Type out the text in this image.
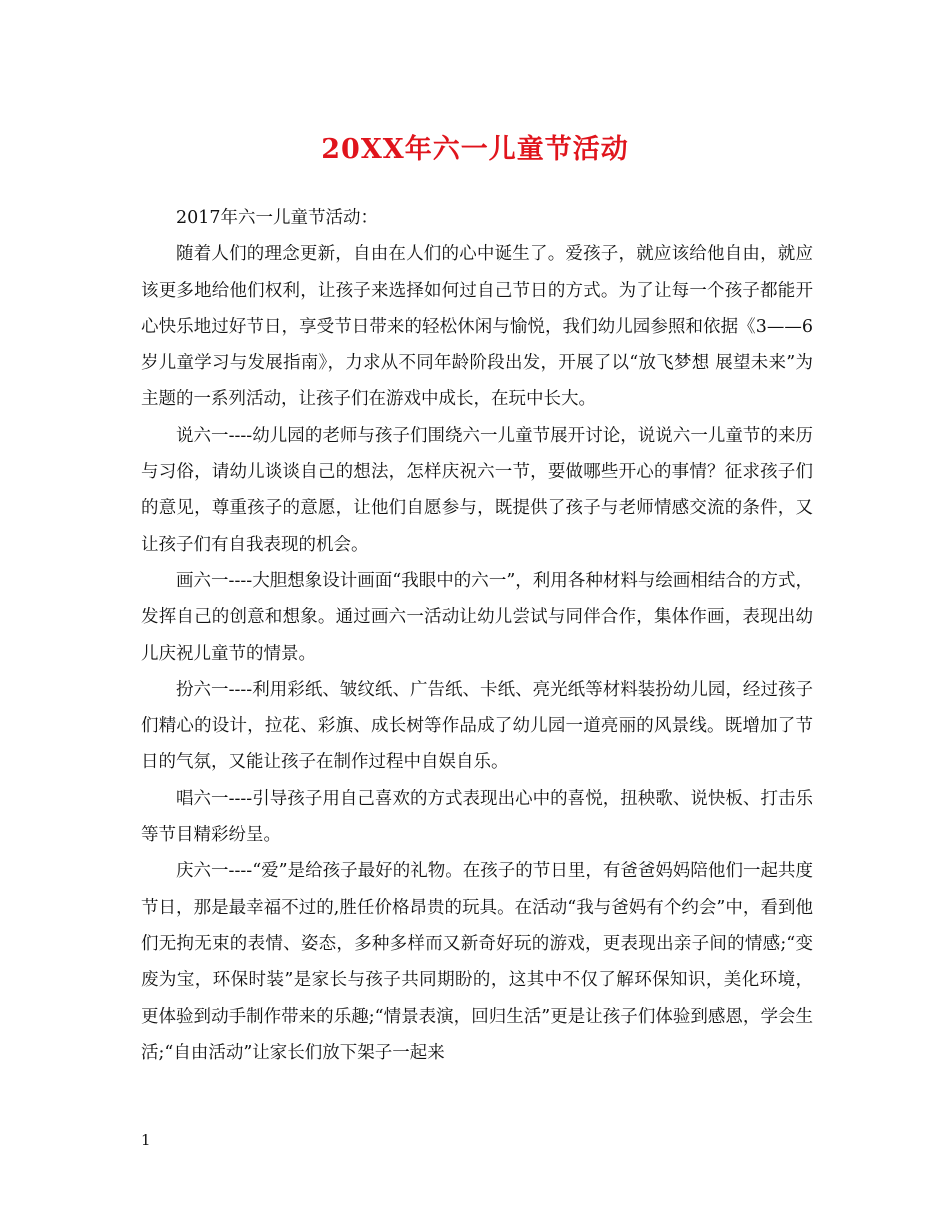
20XX年六一儿童节活动

2017年六一儿童节活动：

随着人们的理念更新，自由在人们的心中诞生了。爱孩子，就应该给他自由，就应该更多地给他们权利，让孩子来选择如何过自己节日的方式。为了让每一个孩子都能开心快乐地过好节日，享受节日带来的轻松休闲与愉悦，我们幼儿园参照和依据《3——6岁儿童学习与发展指南》，力求从不同年龄阶段出发，开展了以“放飞梦想 展望未来”为主题的一系列活动，让孩子们在游戏中成长，在玩中长大。

说六一----幼儿园的老师与孩子们围绕六一儿童节展开讨论，说说六一儿童节的来历与习俗，请幼儿谈谈自己的想法，怎样庆祝六一节，要做哪些开心的事情？征求孩子们的意见，尊重孩子的意愿，让他们自愿参与，既提供了孩子与老师情感交流的条件，又让孩子们有自我表现的机会。

画六一----大胆想象设计画面“我眼中的六一”，利用各种材料与绘画相结合的方式，发挥自己的创意和想象。通过画六一活动让幼儿尝试与同伴合作，集体作画，表现出幼儿庆祝儿童节的情景。

扮六一----利用彩纸、皱纹纸、广告纸、卡纸、亮光纸等材料装扮幼儿园，经过孩子们精心的设计，拉花、彩旗、成长树等作品成了幼儿园一道亮丽的风景线。既增加了节日的气氛，又能让孩子在制作过程中自娱自乐。

唱六一----引导孩子用自己喜欢的方式表现出心中的喜悦，扭秧歌、说快板、打击乐等节目精彩纷呈。

庆六一----“爱”是给孩子最好的礼物。在孩子的节日里，有爸爸妈妈陪他们一起共度节日，那是最幸福不过的,胜任价格昂贵的玩具。在活动“我与爸妈有个约会”中，看到他们无拘无束的表情、姿态，多种多样而又新奇好玩的游戏，更表现出亲子间的情感;“变废为宝，环保时装”是家长与孩子共同期盼的，这其中不仅了解环保知识，美化环境，更体验到动手制作带来的乐趣;“情景表演，回归生活”更是让孩子们体验到感恩，学会生活;“自由活动”让家长们放下架子一起来

1
